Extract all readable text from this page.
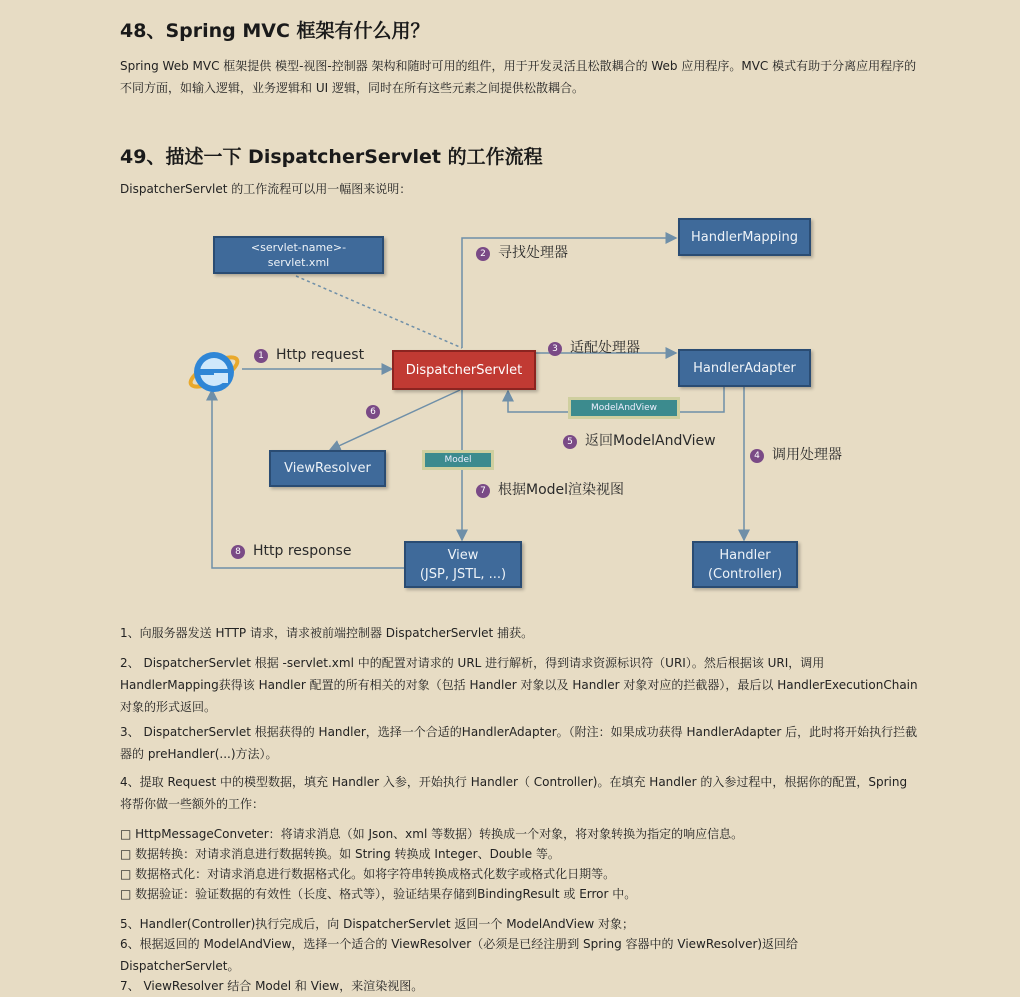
48、Spring MVC 框架有什么用？

Spring Web MVC 框架提供 模型-视图-控制器 架构和随时可用的组件，用于开发灵活且松散耦合的 Web 应用程序。MVC 模式有助于分离应用程序的不同方面，如输入逻辑，业务逻辑和 UI 逻辑，同时在所有这些元素之间提供松散耦合。

49、描述一下 DispatcherServlet 的工作流程

DispatcherServlet 的工作流程可以用一幅图来说明：

<servlet-name>-
servlet.xml
DispatcherServlet
HandlerMapping
HandlerAdapter
ViewResolver
View
(JSP, JSTL, ...)
Handler
(Controller)
ModelAndView
Model
1 Http request
2 寻找处理器
3 适配处理器
4 调用处理器
5 返回ModelAndView
6
7 根据Model渲染视图
8 Http response

1、向服务器发送 HTTP 请求，请求被前端控制器 DispatcherServlet 捕获。

2、 DispatcherServlet 根据 -servlet.xml 中的配置对请求的 URL 进行解析，得到请求资源标识符（URI）。然后根据该 URI，调用 HandlerMapping获得该 Handler 配置的所有相关的对象（包括 Handler 对象以及 Handler 对象对应的拦截器），最后以 HandlerExecutionChain 对象的形式返回。

3、 DispatcherServlet 根据获得的 Handler，选择一个合适的HandlerAdapter。（附注：如果成功获得 HandlerAdapter 后，此时将开始执行拦截器的 preHandler(...)方法）。

4、提取 Request 中的模型数据，填充 Handler 入参，开始执行 Handler（ Controller)。在填充 Handler 的入参过程中，根据你的配置，Spring 将帮你做一些额外的工作：

□ HttpMessageConveter：将请求消息（如 Json、xml 等数据）转换成一个对象，将对象转换为指定的响应信息。

□ 数据转换：对请求消息进行数据转换。如 String 转换成 Integer、Double 等。

□ 数据格式化：对请求消息进行数据格式化。如将字符串转换成格式化数字或格式化日期等。

□ 数据验证：验证数据的有效性（长度、格式等），验证结果存储到BindingResult 或 Error 中。

5、Handler(Controller)执行完成后，向 DispatcherServlet 返回一个 ModelAndView 对象；

6、根据返回的 ModelAndView，选择一个适合的 ViewResolver（必须是已经注册到 Spring 容器中的 ViewResolver)返回给 DispatcherServlet。

7、 ViewResolver 结合 Model 和 View，来渲染视图。
